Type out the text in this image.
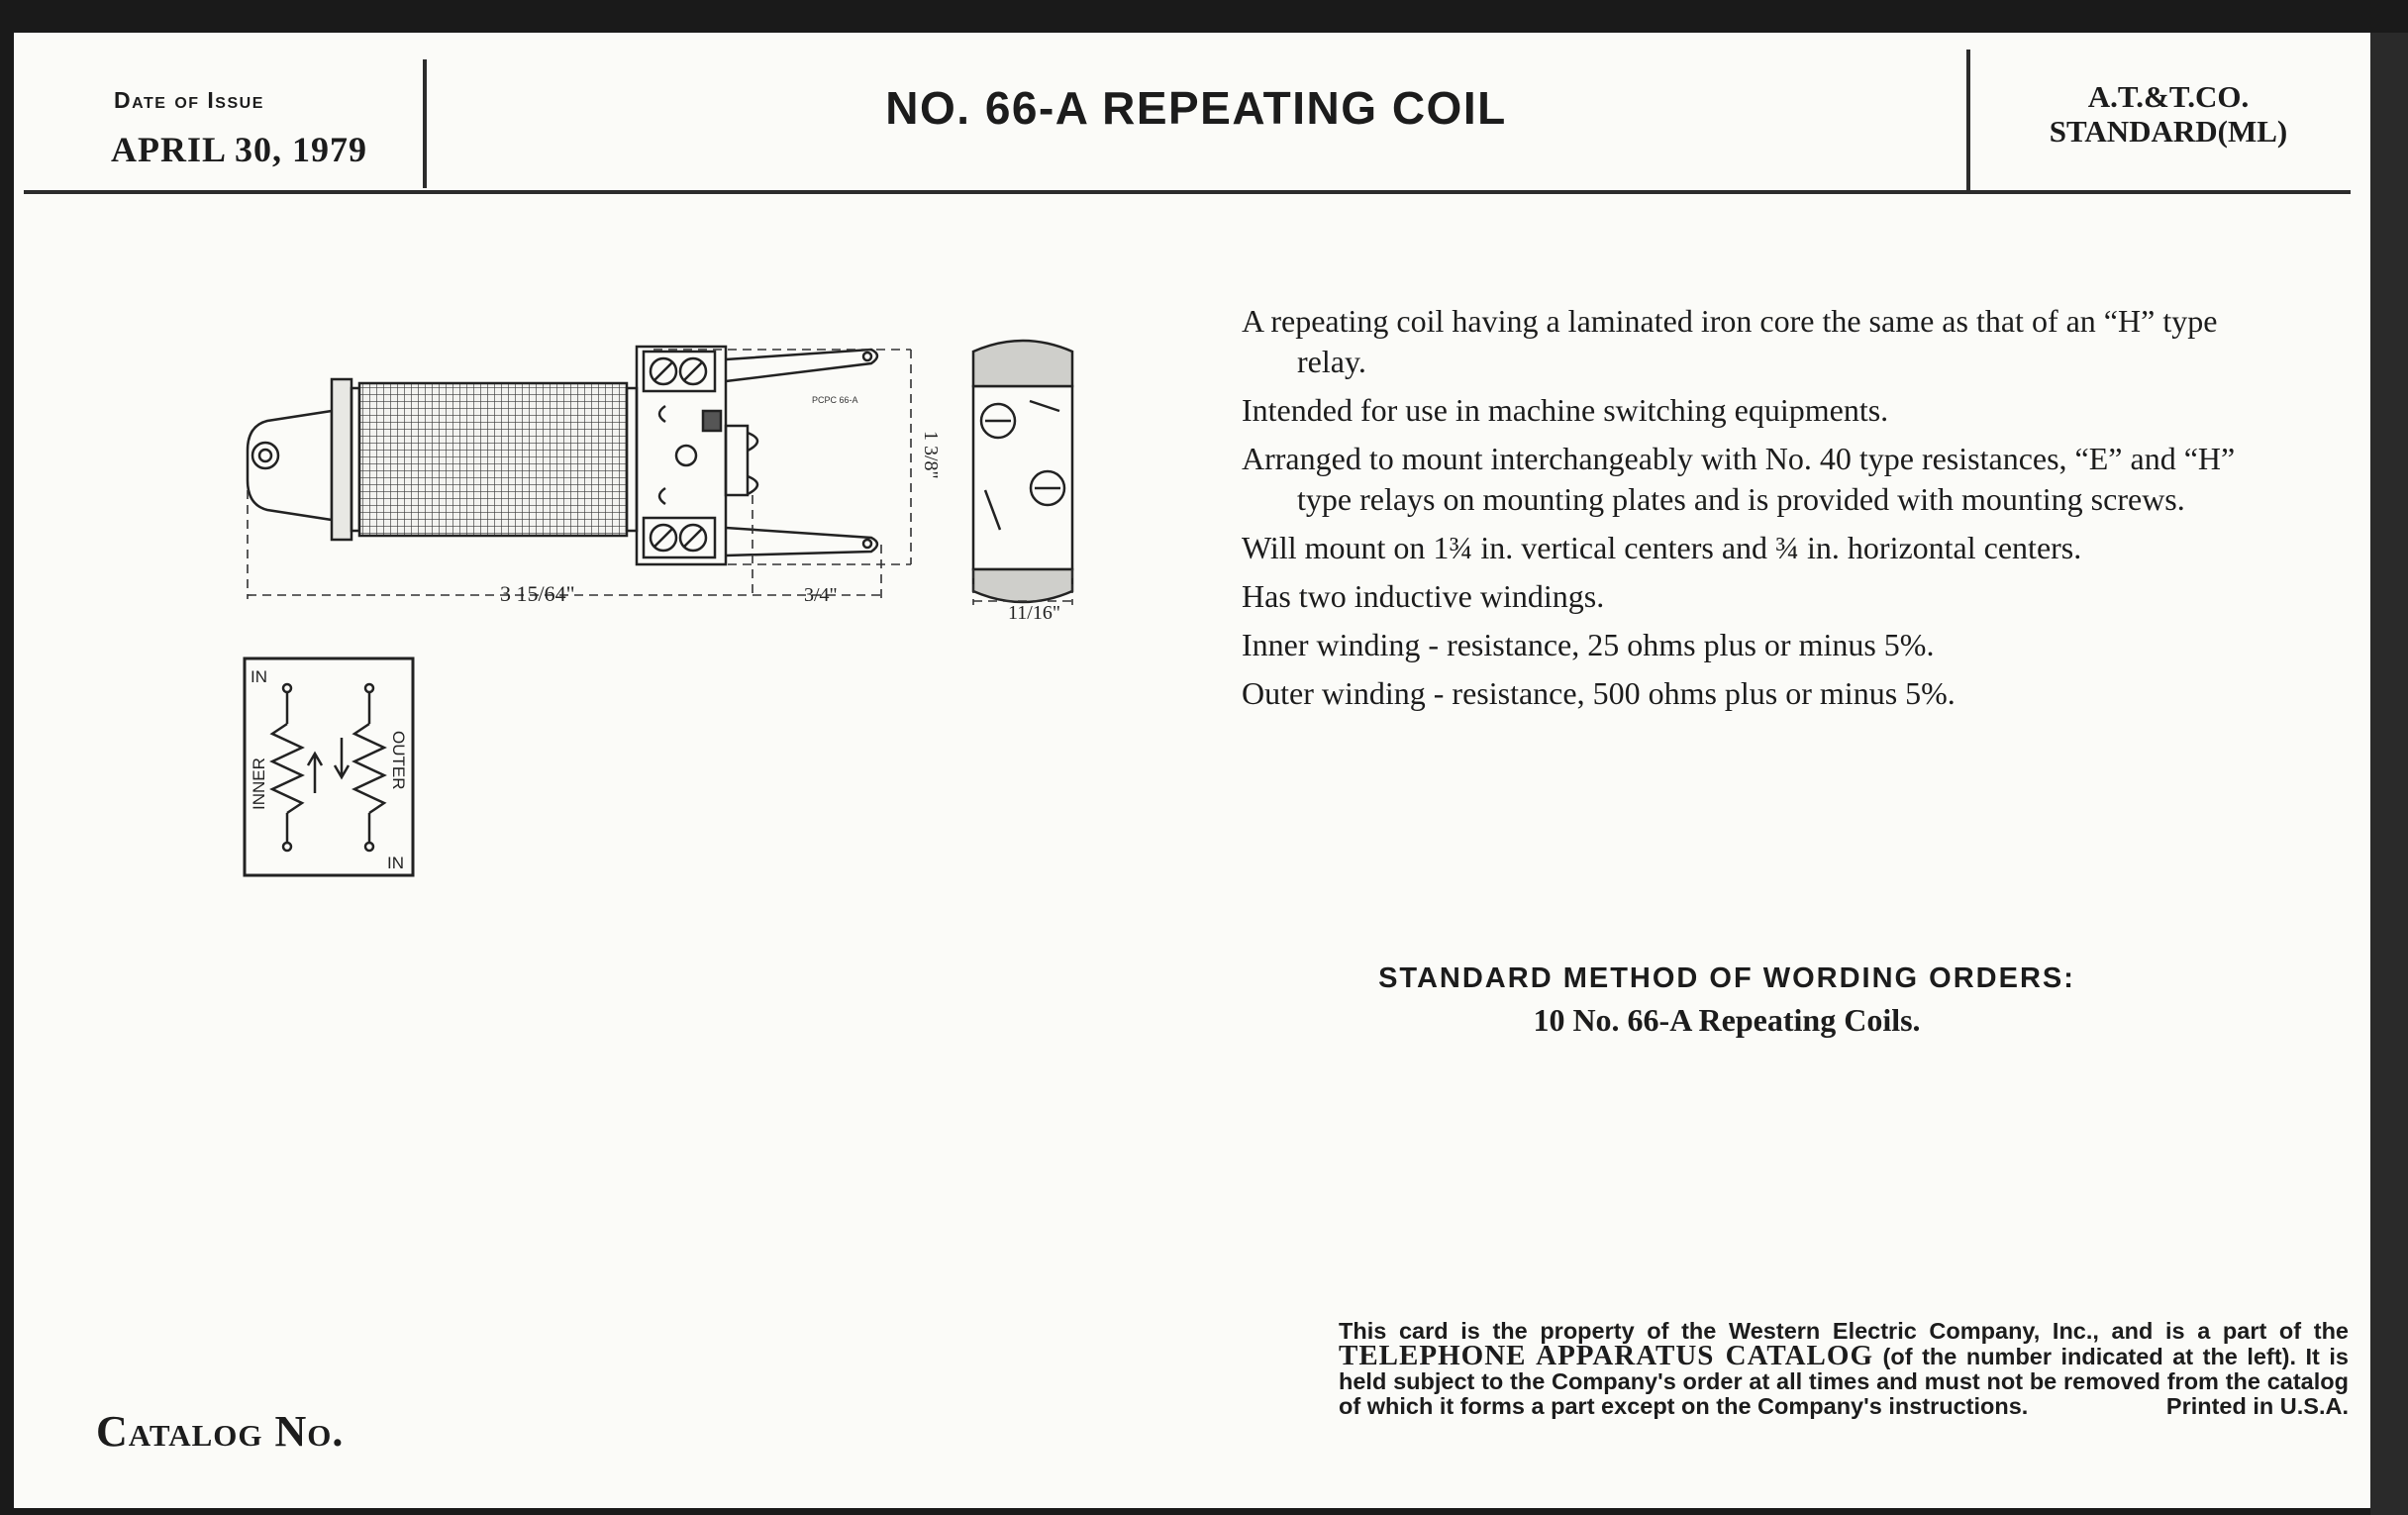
Date of Issue
APRIL 30, 1979
NO. 66-A REPEATING COIL	A.T.&T.CO.
STANDARD(ML)
PCPC 66-A
3 15/64"	3/4"
1 3/8"
11/16"
IN
IN
INNER	OUTER
A repeating coil having a laminated iron core the same as that of an “H” type relay.
Intended for use in machine switching equipments.
Arranged to mount interchangeably with No. 40 type resistances, “E” and “H” type relays on mounting plates and is provided with mounting screws.
Will mount on 1¾ in. vertical centers and ¾ in. horizontal centers.
Has two inductive windings.
Inner winding - resistance, 25 ohms plus or minus 5%.
Outer winding - resistance, 500 ohms plus or minus 5%.
STANDARD METHOD OF WORDING ORDERS:
10 No. 66-A Repeating Coils.
This card is the property of the Western Electric Company, Inc., and is a part of the TELEPHONE APPARATUS CATALOG (of the number indicated at the left). It is held subject to the Company's order at all times and must not be removed from the catalog of which it forms a part except on the Company's instructions.	Printed in U.S.A.
Catalog No.
